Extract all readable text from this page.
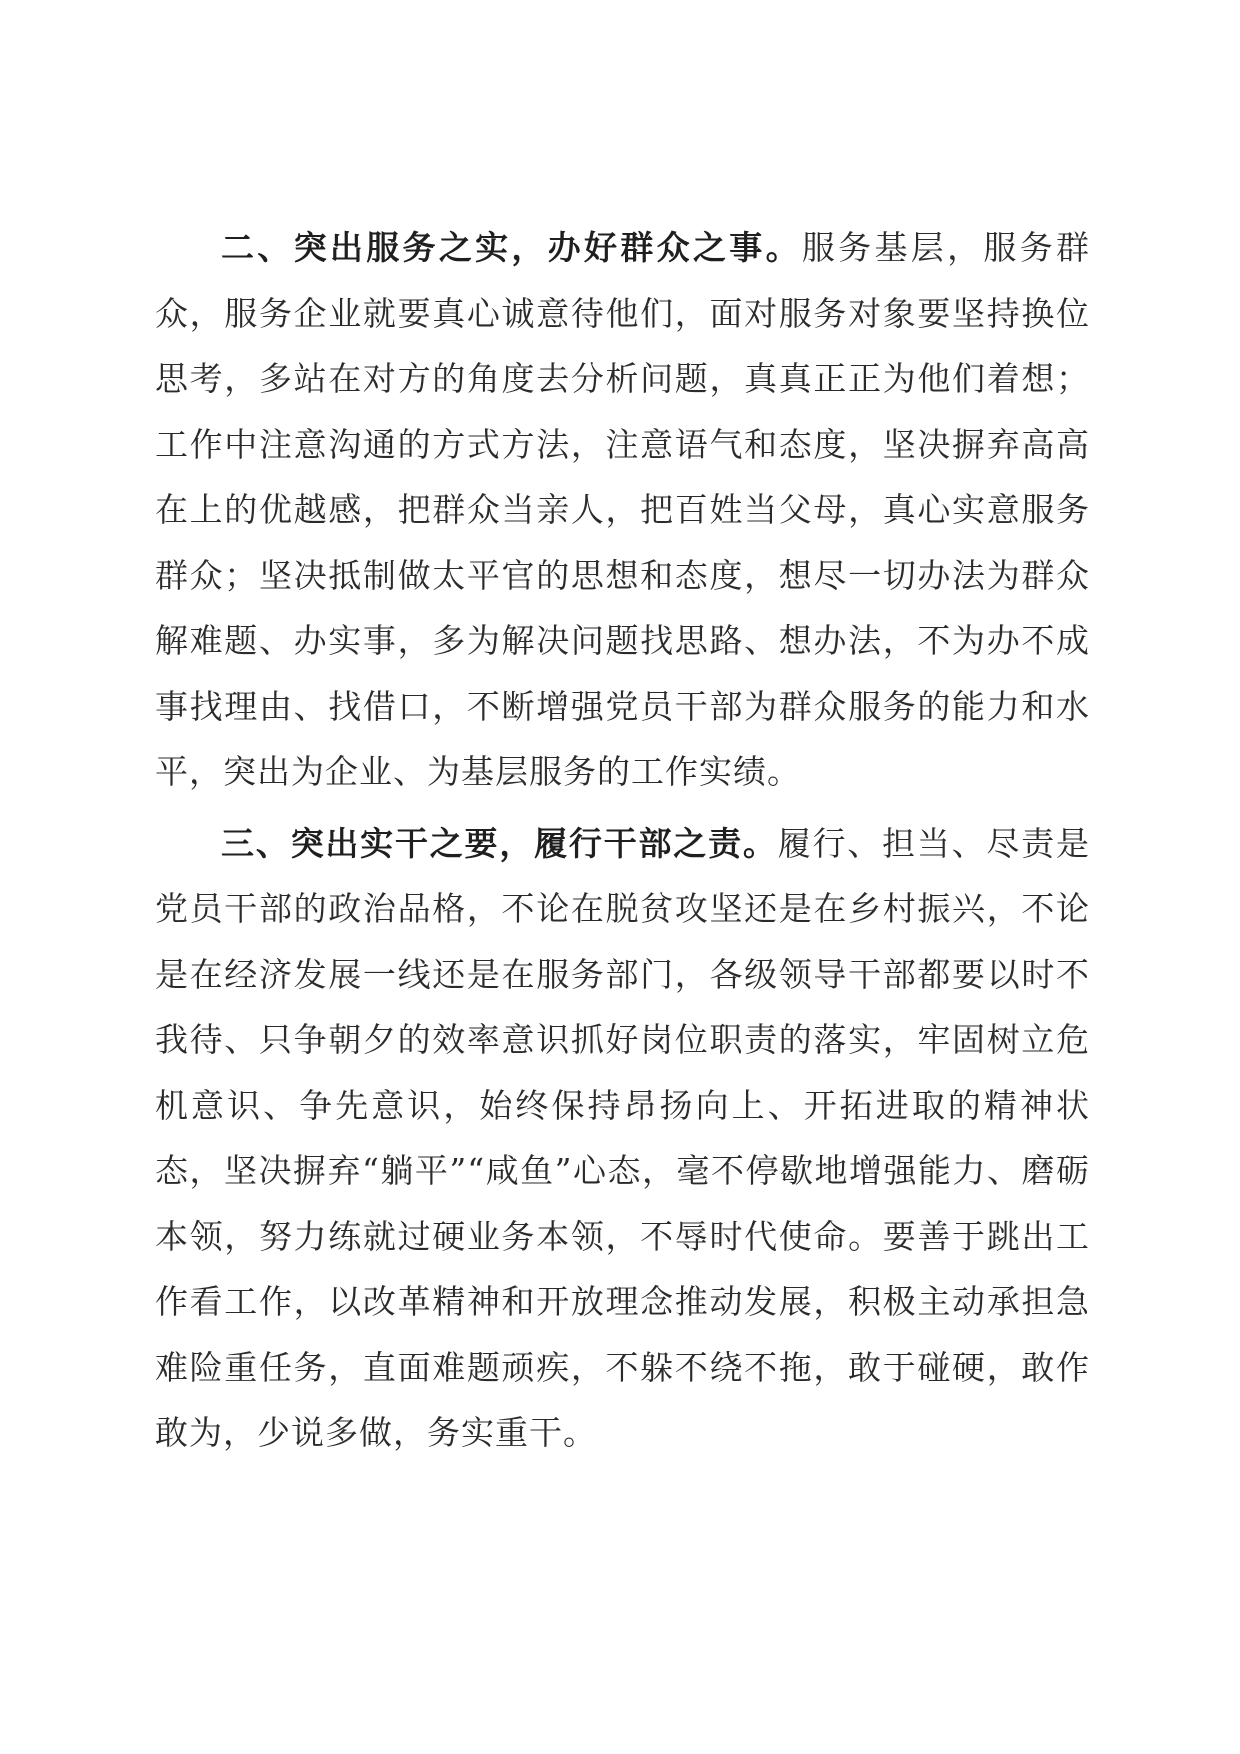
二、突出服务之实，办好群众之事。服务基层，服务群众，服务企业就要真心诚意待他们，面对服务对象要坚持换位思考，多站在对方的角度去分析问题，真真正正为他们着想；工作中注意沟通的方式方法，注意语气和态度，坚决摒弃高高在上的优越感，把群众当亲人，把百姓当父母，真心实意服务群众；坚决抵制做太平官的思想和态度，想尽一切办法为群众解难题、办实事，多为解决问题找思路、想办法，不为办不成事找理由、找借口，不断增强党员干部为群众服务的能力和水平，突出为企业、为基层服务的工作实绩。

三、突出实干之要，履行干部之责。履行、担当、尽责是党员干部的政治品格，不论在脱贫攻坚还是在乡村振兴，不论是在经济发展一线还是在服务部门，各级领导干部都要以时不我待、只争朝夕的效率意识抓好岗位职责的落实，牢固树立危机意识、争先意识，始终保持昂扬向上、开拓进取的精神状态，坚决摒弃“躺平”“咸鱼”心态，毫不停歇地增强能力、磨砺本领，努力练就过硬业务本领，不辱时代使命。要善于跳出工作看工作，以改革精神和开放理念推动发展，积极主动承担急难险重任务，直面难题顽疾，不躲不绕不拖，敢于碰硬，敢作敢为，少说多做，务实重干。
